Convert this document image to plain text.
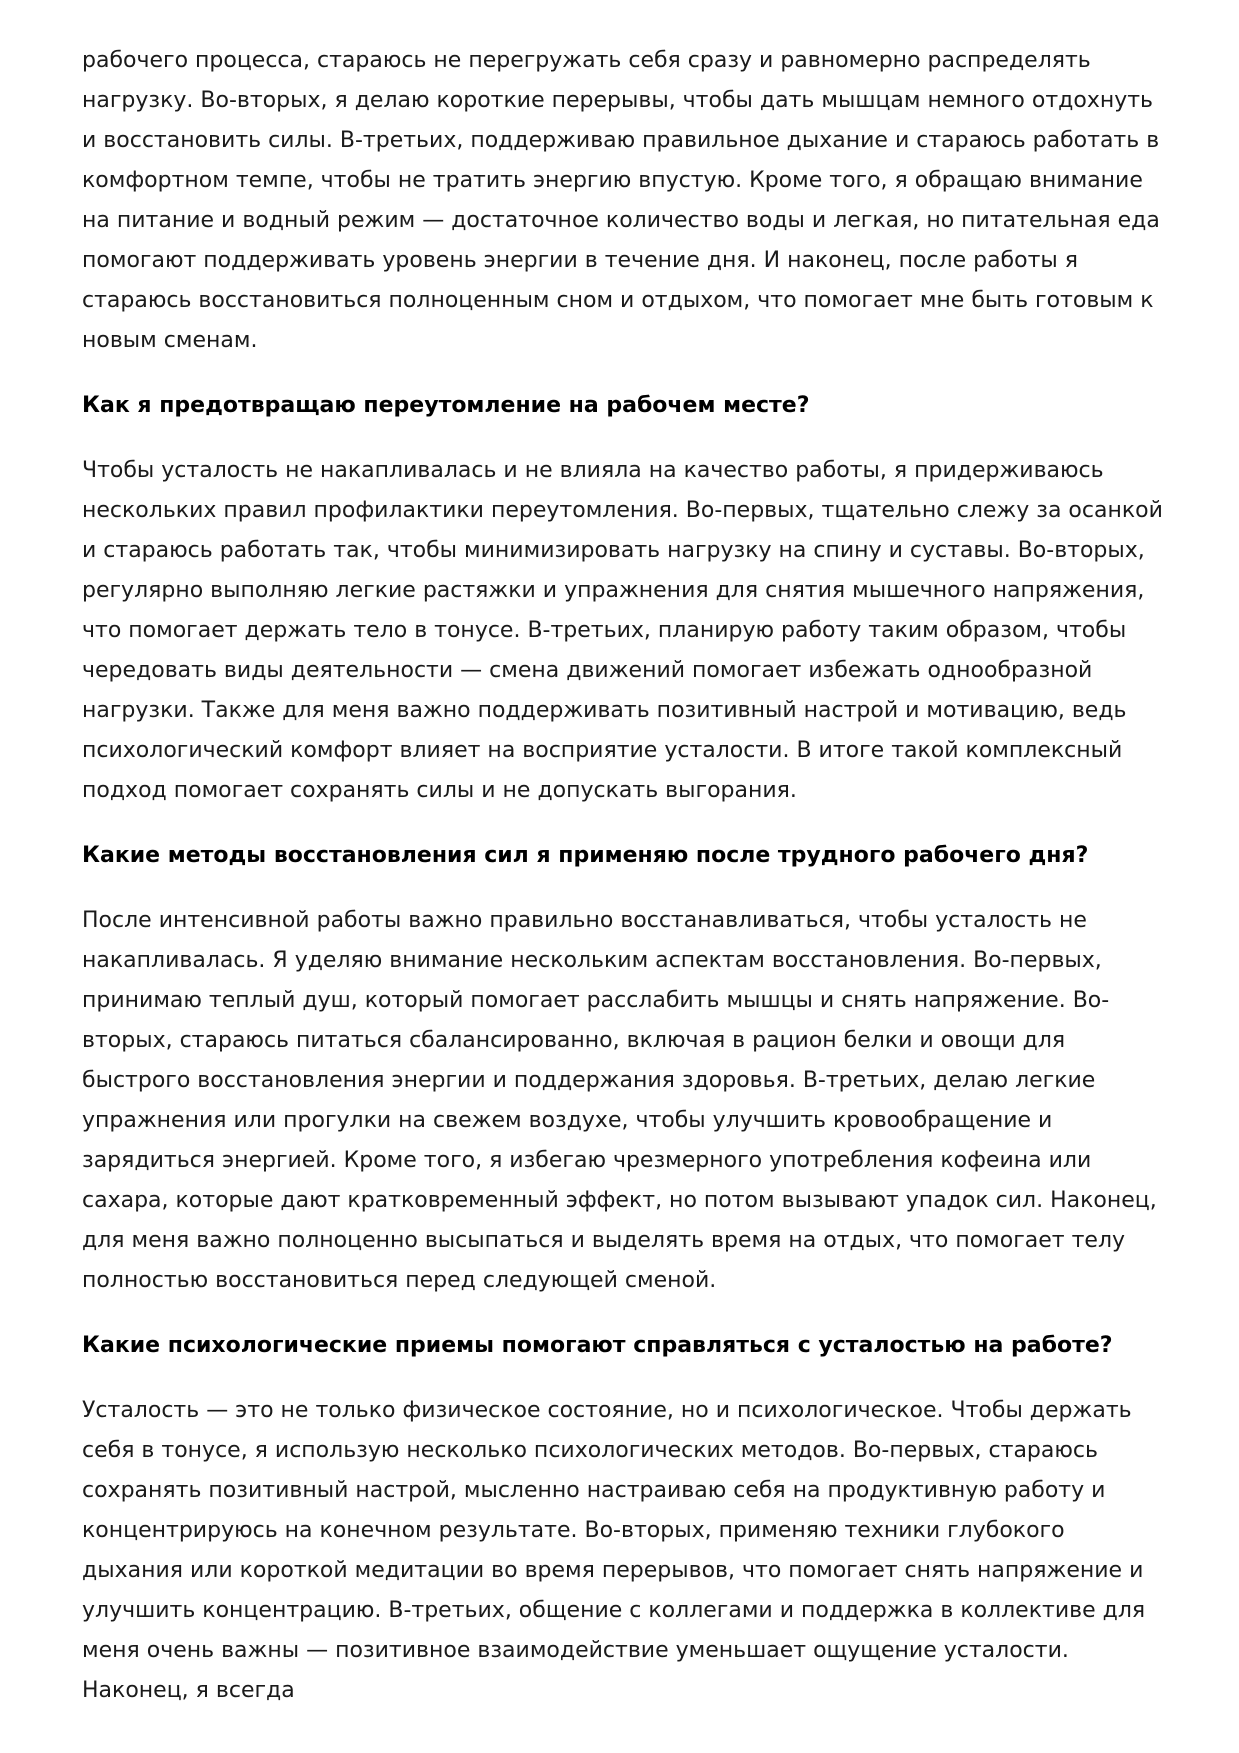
рабочего процесса, стараюсь не перегружать себя сразу и равномерно распределять нагрузку. Во-вторых, я делаю короткие перерывы, чтобы дать мышцам немного отдохнуть и восстановить силы. В-третьих, поддерживаю правильное дыхание и стараюсь работать в комфортном темпе, чтобы не тратить энергию впустую. Кроме того, я обращаю внимание на питание и водный режим — достаточное количество воды и легкая, но питательная еда помогают поддерживать уровень энергии в течение дня. И наконец, после работы я стараюсь восстановиться полноценным сном и отдыхом, что помогает мне быть готовым к новым сменам.

Как я предотвращаю переутомление на рабочем месте?

Чтобы усталость не накапливалась и не влияла на качество работы, я придерживаюсь нескольких правил профилактики переутомления. Во-первых, тщательно слежу за осанкой и стараюсь работать так, чтобы минимизировать нагрузку на спину и суставы. Во-вторых, регулярно выполняю легкие растяжки и упражнения для снятия мышечного напряжения, что помогает держать тело в тонусе. В-третьих, планирую работу таким образом, чтобы чередовать виды деятельности — смена движений помогает избежать однообразной нагрузки. Также для меня важно поддерживать позитивный настрой и мотивацию, ведь психологический комфорт влияет на восприятие усталости. В итоге такой комплексный подход помогает сохранять силы и не допускать выгорания.

Какие методы восстановления сил я применяю после трудного рабочего дня?

После интенсивной работы важно правильно восстанавливаться, чтобы усталость не накапливалась. Я уделяю внимание нескольким аспектам восстановления. Во-первых, принимаю теплый душ, который помогает расслабить мышцы и снять напряжение. Во-вторых, стараюсь питаться сбалансированно, включая в рацион белки и овощи для быстрого восстановления энергии и поддержания здоровья. В-третьих, делаю легкие упражнения или прогулки на свежем воздухе, чтобы улучшить кровообращение и зарядиться энергией. Кроме того, я избегаю чрезмерного употребления кофеина или сахара, которые дают кратковременный эффект, но потом вызывают упадок сил. Наконец, для меня важно полноценно высыпаться и выделять время на отдых, что помогает телу полностью восстановиться перед следующей сменой.

Какие психологические приемы помогают справляться с усталостью на работе?

Усталость — это не только физическое состояние, но и психологическое. Чтобы держать себя в тонусе, я использую несколько психологических методов. Во-первых, стараюсь сохранять позитивный настрой, мысленно настраиваю себя на продуктивную работу и концентрируюсь на конечном результате. Во-вторых, применяю техники глубокого дыхания или короткой медитации во время перерывов, что помогает снять напряжение и улучшить концентрацию. В-третьих, общение с коллегами и поддержка в коллективе для меня очень важны — позитивное взаимодействие уменьшает ощущение усталости. Наконец, я всегда
